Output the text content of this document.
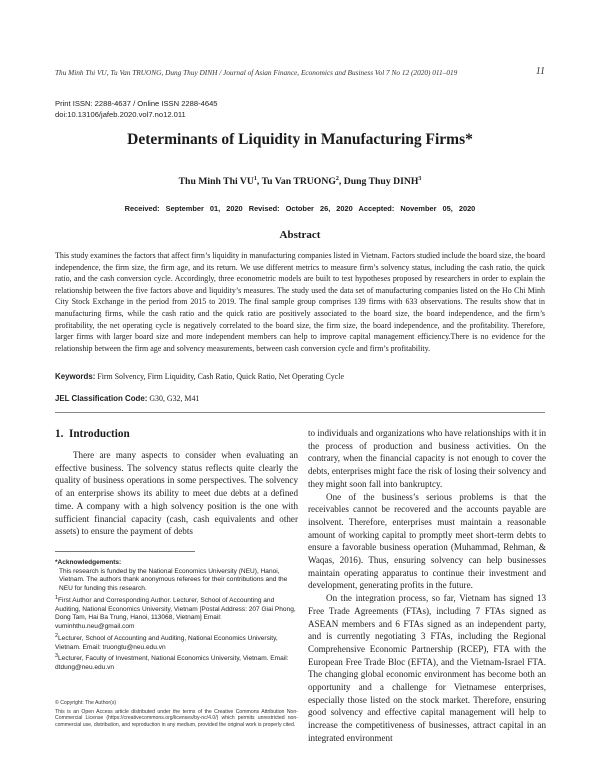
Thu Minh Thi VU, Tu Van TRUONG, Dung Thuy DINH / Journal of Asian Finance, Economics and Business Vol 7 No 12 (2020) 011–019	11
Print ISSN: 2288-4637 / Online ISSN 2288-4645
doi:10.13106/jafeb.2020.vol7.no12.011
Determinants of Liquidity in Manufacturing Firms*
Thu Minh Thi $VU^1$, Tu Van TRUONG$^2$, Dung Thuy DINH$^3$
Received: September 01, 2020 Revised: October 26, 2020 Accepted: November 05, 2020
Abstract
This study examines the factors that affect firm’s liquidity in manufacturing companies listed in Vietnam. Factors studied include the board size, the board independence, the firm size, the firm age, and its return. We use different metrics to measure firm’s solvency status, including the cash ratio, the quick ratio, and the cash conversion cycle. Accordingly, three econometric models are built to test hypotheses proposed by researchers in order to explain the relationship between the five factors above and liquidity’s measures. The study used the data set of manufacturing companies listed on the Ho Chi Minh City Stock Exchange in the period from 2015 to 2019. The final sample group comprises 139 firms with 633 observations. The results show that in manufacturing firms, while the cash ratio and the quick ratio are positively associated to the board size, the board independence, and the firm’s profitability, the net operating cycle is negatively correlated to the board size, the firm size, the board independence, and the profitability. Therefore, larger firms with larger board size and more independent members can help to improve capital management efficiency.There is no evidence for the relationship between the firm age and solvency measurements, between cash conversion cycle and firm’s profitability.
Keywords: Firm Solvency, Firm Liquidity, Cash Ratio, Quick Ratio, Net Operating Cycle
JEL Classification Code: G30, G32, M41
1. Introduction

There are many aspects to consider when evaluating an effective business. The solvency status reflects quite clearly the quality of business operations in some perspectives. The solvency of an enterprise shows its ability to meet due debts at a defined time. A company with a high solvency position is the one with sufficient financial capacity (cash, cash equivalents and other assets) to ensure the payment of debts

*Acknowledgements:
This research is funded by the National Economics University (NEU), Hanoi, Vietnam. The authors thank anonymous referees for their contributions and the NEU for funding this research.
$^1$First Author and Corresponding Author. Lecturer, School of Accounting and Auditing, National Economics University, Vietnam [Postal Address: 207 Giai Phong, Dong Tam, Hai Ba Trung, Hanoi, 113068, Vietnam] Email: vuminhthu.neu@gmail.com
$^2$Lecturer, School of Accounting and Auditing, National Economics University, Vietnam. Email: truongtu@neu.edu.vn
$^3$Lecturer, Faculty of Investment, National Economics University, Vietnam. Email: dtdung@neu.edu.vn
© Copyright: The Author(s)
This is an Open Access article distributed under the terms of the Creative Commons Attribution Non-Commercial License (https://creativecommons.org/licenses/by-nc/4.0/) which permits unrestricted non-commercial use, distribution, and reproduction in any medium, provided the original work is properly cited.

to individuals and organizations who have relationships with it in the process of production and business activities. On the contrary, when the financial capacity is not enough to cover the debts, enterprises might face the risk of losing their solvency and they might soon fall into bankruptcy.

One of the business’s serious problems is that the receivables cannot be recovered and the accounts payable are insolvent. Therefore, enterprises must maintain a reasonable amount of working capital to promptly meet short-term debts to ensure a favorable business operation (Muhammad, Rehman, & Waqas, 2016). Thus, ensuring solvency can help businesses maintain operating apparatus to continue their investment and development, generating profits in the future.

On the integration process, so far, Vietnam has signed 13 Free Trade Agreements (FTAs), including 7 FTAs signed as ASEAN members and 6 FTAs signed as an independent party, and is currently negotiating 3 FTAs, including the Regional Comprehensive Economic Partnership (RCEP), FTA with the European Free Trade Bloc (EFTA), and the Vietnam-Israel FTA. The changing global economic environment has become both an opportunity and a challenge for Vietnamese enterprises, especially those listed on the stock market. Therefore, ensuring good solvency and effective capital management will help to increase the competitiveness of businesses, attract capital in an integrated environment
